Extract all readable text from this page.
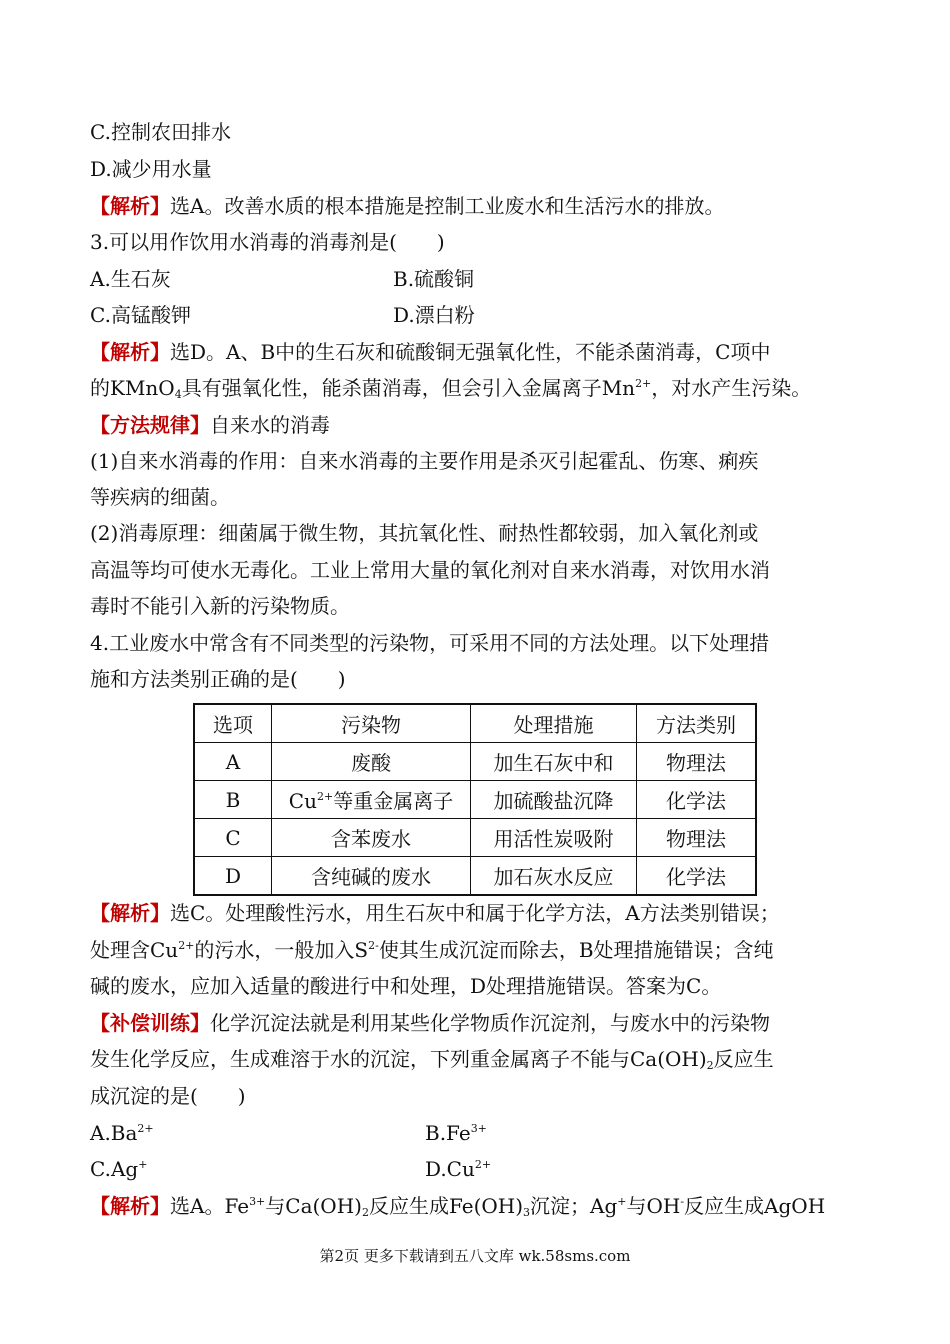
C.控制农田排水
D.减少用水量
【解析】选A。改善水质的根本措施是控制工业废水和生活污水的排放。
3.可以用作饮用水消毒的消毒剂是(　　)
A.生石灰	B.硫酸铜
C.高锰酸钾	D.漂白粉
【解析】选D。A、B中的生石灰和硫酸铜无强氧化性，不能杀菌消毒，C项中
的KMnO$_4$具有强氧化性，能杀菌消毒，但会引入金属离子$Mn^{2+}$，对水产生污染。
【方法规律】自来水的消毒
(1)自来水消毒的作用：自来水消毒的主要作用是杀灭引起霍乱、伤寒、痢疾
等疾病的细菌。
(2)消毒原理：细菌属于微生物，其抗氧化性、耐热性都较弱，加入氧化剂或
高温等均可使水无毒化。工业上常用大量的氧化剂对自来水消毒，对饮用水消
毒时不能引入新的污染物质。
4.工业废水中常含有不同类型的污染物，可采用不同的方法处理。以下处理措
施和方法类别正确的是(　　)
选项	污染物	处理措施	方法类别
A	废酸	加生石灰中和	物理法
B	$Cu^{2+}$等重金属离子	加硫酸盐沉降	化学法
C	含苯废水	用活性炭吸附	物理法
D	含纯碱的废水	加石灰水反应	化学法
【解析】选C。处理酸性污水，用生石灰中和属于化学方法，A方法类别错误；
处理含$Cu^{2+}$的污水，一般加入$S^{2-}$使其生成沉淀而除去，B处理措施错误；含纯
碱的废水，应加入适量的酸进行中和处理，D处理措施错误。答案为C。
【补偿训练】化学沉淀法就是利用某些化学物质作沉淀剂，与废水中的污染物
发生化学反应，生成难溶于水的沉淀，下列重金属离子不能与$Ca(OH)_2$反应生
成沉淀的是(　　)
$A.Ba^{2+}$	$B.Fe^{3+}$
C.Ag+	$D.Cu^{2+}$
【解析】选A。$Fe^{3+}$与$Ca(OH)_2$反应生成$Fe(OH)_3$沉淀；Ag+与OH-反应生成AgOH
第2页 更多下载请到五八文库 wk.58sms.com
